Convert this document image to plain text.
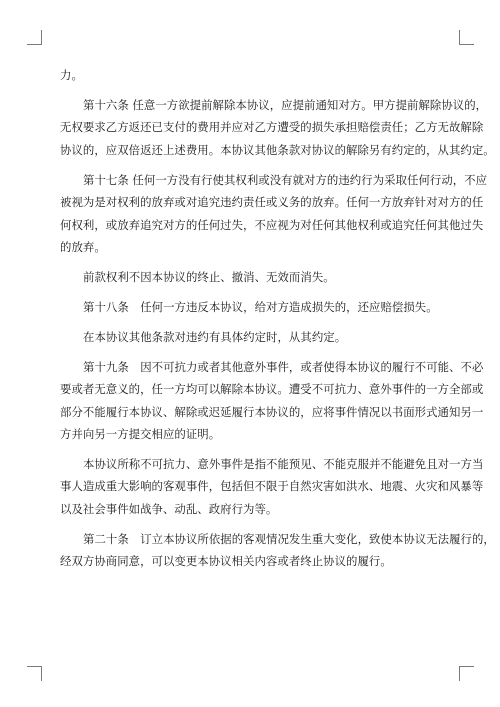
力。
第十六条 任意一方欲提前解除本协议，应提前通知对方。甲方提前解除协议的，
无权要求乙方返还已支付的费用并应对乙方遭受的损失承担赔偿责任；乙方无故解除
协议的，应双倍返还上述费用。本协议其他条款对协议的解除另有约定的，从其约定。
第十七条 任何一方没有行使其权利或没有就对方的违约行为采取任何行动，不应
被视为是对权利的放弃或对追究违约责任或义务的放弃。任何一方放弃针对对方的任
何权利，或放弃追究对方的任何过失，不应视为对任何其他权利或追究任何其他过失
的放弃。
前款权利不因本协议的终止、撤消、无效而消失。
第十八条　任何一方违反本协议，给对方造成损失的，还应赔偿损失。
在本协议其他条款对违约有具体约定时，从其约定。
第十九条　因不可抗力或者其他意外事件，或者使得本协议的履行不可能、不必
要或者无意义的，任一方均可以解除本协议。遭受不可抗力、意外事件的一方全部或
部分不能履行本协议、解除或迟延履行本协议的，应将事件情况以书面形式通知另一
方并向另一方提交相应的证明。
本协议所称不可抗力、意外事件是指不能预见、不能克服并不能避免且对一方当
事人造成重大影响的客观事件，包括但不限于自然灾害如洪水、地震、火灾和风暴等
以及社会事件如战争、动乱、政府行为等。
第二十条　订立本协议所依据的客观情况发生重大变化，致使本协议无法履行的，
经双方协商同意，可以变更本协议相关内容或者终止协议的履行。
